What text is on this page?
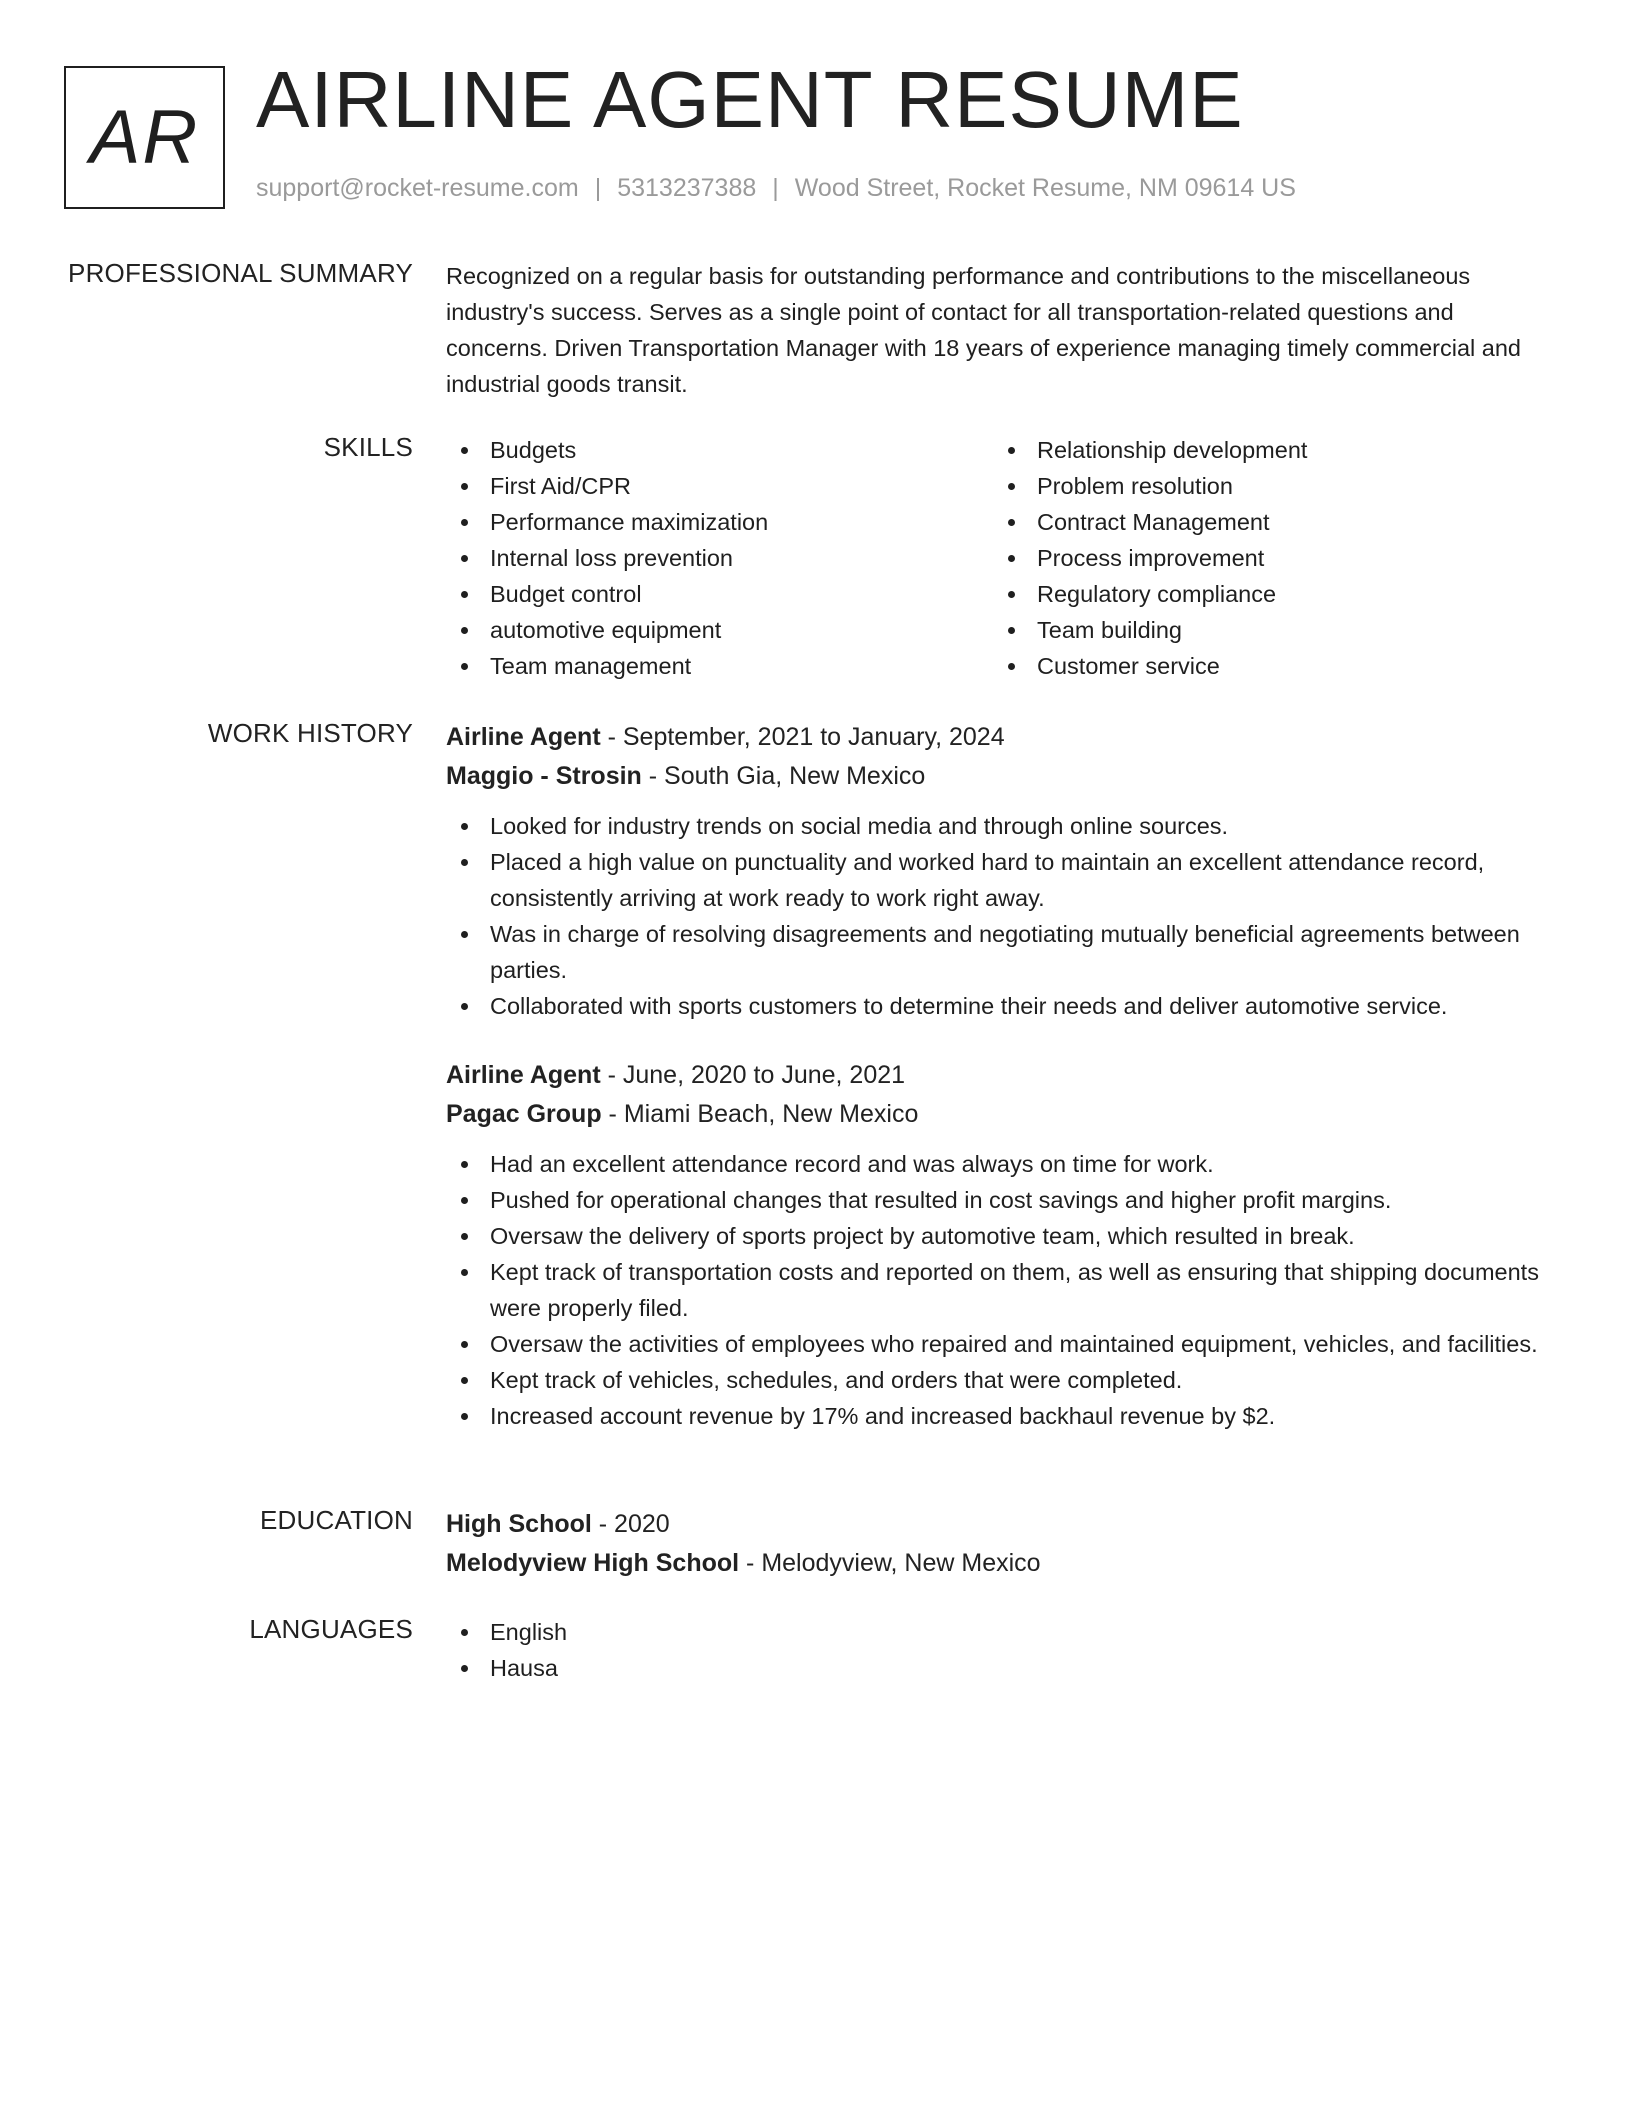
AR AIRLINE AGENT RESUME
support@rocket-resume.com | 5313237388 | Wood Street, Rocket Resume, NM 09614 US
PROFESSIONAL SUMMARY Recognized on a regular basis for outstanding performance and contributions to the miscellaneous industry's success. Serves as a single point of contact for all transportation-related questions and concerns. Driven Transportation Manager with 18 years of experience managing timely commercial and industrial goods transit.

SKILLS	Budgets
First Aid/CPR
Performance maximization
Internal loss prevention
Budget control
automotive equipment
Team management
Relationship development
Problem resolution
Contract Management
Process improvement
Regulatory compliance
Team building
Customer service
WORK HISTORY Airline Agent - September, 2021 to January, 2024
Maggio - Strosin - South Gia, New Mexico
Looked for industry trends on social media and through online sources.
Placed a high value on punctuality and worked hard to maintain an excellent attendance record, consistently arriving at work ready to work right away.
Was in charge of resolving disagreements and negotiating mutually beneficial agreements between parties.
Collaborated with sports customers to determine their needs and deliver automotive service.
Airline Agent - June, 2020 to June, 2021
Pagac Group - Miami Beach, New Mexico
Had an excellent attendance record and was always on time for work.
Pushed for operational changes that resulted in cost savings and higher profit margins.
Oversaw the delivery of sports project by automotive team, which resulted in break.
Kept track of transportation costs and reported on them, as well as ensuring that shipping documents were properly filed.
Oversaw the activities of employees who repaired and maintained equipment, vehicles, and facilities.
Kept track of vehicles, schedules, and orders that were completed.
Increased account revenue by 17% and increased backhaul revenue by $2.
EDUCATION High School - 2020
Melodyview High School - Melodyview, New Mexico
LANGUAGES	English
Hausa
